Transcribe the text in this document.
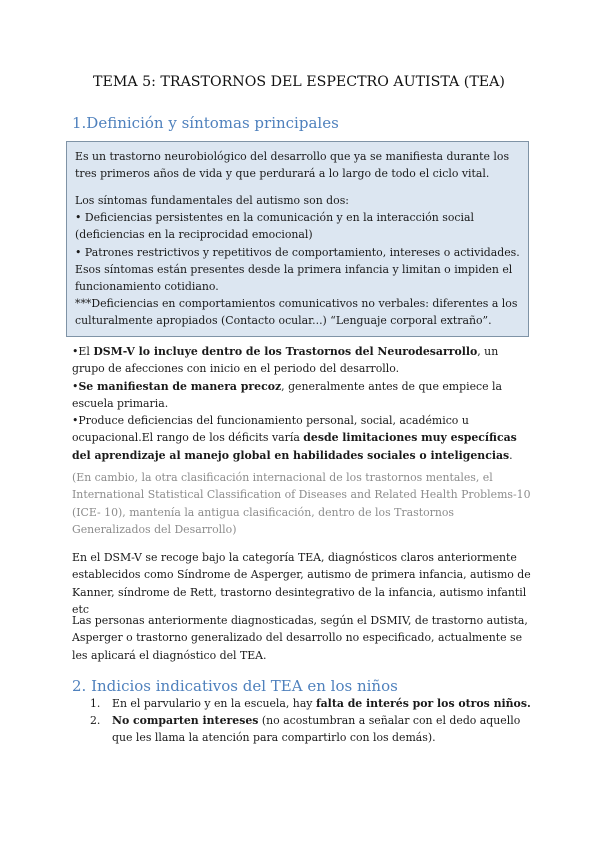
TEMA 5: TRASTORNOS DEL ESPECTRO AUTISTA (TEA)
1.Definición y síntomas principales

Es un trastorno neurobiológico del desarrollo que ya se manifiesta durante los tres primeros años de vida y que perdurará a lo largo de todo el ciclo vital.

Los síntomas fundamentales del autismo son dos:

• Deficiencias persistentes en la comunicación y en la interacción social (deficiencias en la reciprocidad emocional)

• Patrones restrictivos y repetitivos de comportamiento, intereses o actividades. Esos síntomas están presentes desde la primera infancia y limitan o impiden el funcionamiento cotidiano.

***Deficiencias en comportamientos comunicativos no verbales: diferentes a los culturalmente apropiados (Contacto ocular...) “Lenguaje corporal extraño”.

•El DSM-V lo incluye dentro de los Trastornos del Neurodesarrollo, un grupo de afecciones con inicio en el periodo del desarrollo.
•Se manifiestan de manera precoz, generalmente antes de que empiece la escuela primaria.
•Produce deficiencias del funcionamiento personal, social, académico u ocupacional.El rango de los déficits varía desde limitaciones muy específicas del aprendizaje al manejo global en habilidades sociales o inteligencias.

(En cambio, la otra clasificación internacional de los trastornos mentales, el International Statistical Classification of Diseases and Related Health Problems-10 (ICE- 10), mantenía la antigua clasificación, dentro de los Trastornos Generalizados del Desarrollo)

En el DSM-V se recoge bajo la categoría TEA, diagnósticos claros anteriormente establecidos como Síndrome de Asperger, autismo de primera infancia, autismo de Kanner, síndrome de Rett, trastorno desintegrativo de la infancia, autismo infantil etc

Las personas anteriormente diagnosticadas, según el DSMIV, de trastorno autista, Asperger o trastorno generalizado del desarrollo no especificado, actualmente se les aplicará el diagnóstico del TEA.

2. Indicios indicativos del TEA en los niños
1. En el parvulario y en la escuela, hay falta de interés por los otros niños.
2. No comparten intereses (no acostumbran a señalar con el dedo aquello que les llama la atención para compartirlo con los demás).
